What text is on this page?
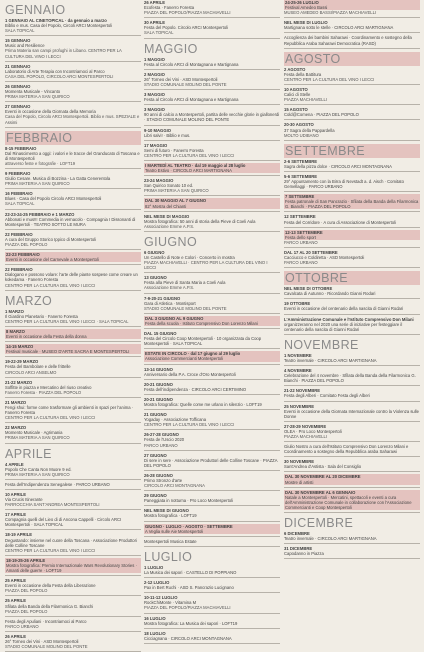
GENNAIO
1 GENNAIO AL CINETOPICAL · da gennaio a marzo
Biblio e mus. Casa del Popolo, Circoli ARCI Montespertoli
SALA TOPICAL
15 GENNAIO
Music and Resilience
Prima Materia san campi profughi in Libano. CENTRO PER LA CULTURA DEL VINO I LECCI
21 GENNAIO
Laboratorio di Arte Terapia con Incontriamoci al Parco
CASA DEL POPOLO, CIRCOLO ARCI MONTESPERTOLI
26 GENNAIO
Momenta Musicale - Vincanto
PRIMA MATERIA A SAN QUIRICO
27 GENNAIO
Eventi in occasione della Giornata della Memoria
Casa del Popolo, Circolo ARCI Montespertoli. Biblio e mus. SPEZIALE e Assimi
FEBBRAIO
8-15 FEBBRAIO
Dal Rinascimento a oggi: i valori e le tracce del Granducato di Toscana e di Montespertoli
attraverso feste e fotografie · LOFT19
9 FEBBRAIO
Giulio Cesare. Musica di Bozzina - La Gatta Cenerentola
PRIMA MATERIA A SAN QUIRICO
16 FEBBRAIO
Blues · Casa del Popolo Circolo ARCI Montespertoli
SALA TOPICAL
22-23-24-25 FEBBRAIO e 1 MARZO
Abbonati e mus!!! Commedia in vernacolo · Compagnia I Dissonanti di Montespertoli · TEATRO SOTTO LE MURA
22 FEBBRAIO
A cura del Gruppo Storico Ippico di Montespertoli
PIAZZA DEL POPOLO
22-23 FEBBRAIO
Eventi in occasione del Carnevale a Montespertoli
22 FEBBRAIO
Dialogano e possono volare: l'arte delle piante sospese come creare un kokedama · Fanerro Foresta
CENTRO PER LA CULTURA DEL VINO I LECCI
MARZO
1 MARZO
Il Giardino Planetario · Fanerro Foresta
CENTRO PER LA CULTURA DEL VINO I LECCI · SALA TOPICAL
8 MARZO
Eventi in occasione della Festa della donna
14-15 MARZO
Festival musicale · MUSEO D'ARTE SACRA E MONTESPERTOLI
19-22-29 MARZO
Festa del Bambolare e delle frittelle
CIRCOLO ARCI ANSELMO
21-22 MARZO
Soffitte in piazza e Mercatino del riuso creativo
Fanerro Foresta · PIAZZA DEL POPOLO
21 MARZO
Fengi shui: forme come trasformare gli ambienti in spazi per l'anima · Fanerro Foresta
CENTRO PER LA CULTURA DEL VINO I LECCI
22 MARZO
Momento Musicale · Agrimania
PRIMA MATERIA A SAN QUIRICO
APRILE
4 APRILE
Popolo Che Canta Non Muore 9 ed.
PRIMA MATERIA A SAN QUIRICO
Festa dell'Indipendenza Senegalese · PARCO URBANO
10 APRILE
Via Crucis Itinerante
PARROCCHIA SANT'ANDREA MONTESPERTOLI
17 APRILE
Compagnia quelli del Lieo di di Ancona Cappelli · Circolo ARCI Montespertoli · SALA TOPICAL
18-19 APRILE
Degustando: insieme nel cuore della Toscana · Associazione Produttori delle Colline Toscane
CENTRO PER LA CULTURA DEL VINO I LECCI
18-19-25-26 APRILE
Mostra fotografica: Premio Internazionale Wars Revolutionary Stories · Amanti delle guerre · LOFT19
25 APRILE
Eventi in occasione della Festa della Liberazione
PIAZZA DEL POPOLO
25 APRILE
Sfilata della Banda della Filarmonica G. Bianchi
PIAZZA DEL POPOLO
Festa degli Apuliani · Incontriamoci al Parco
PARCO URBANO
26 APRILE
26° Torneo dei Vini · ASD Montespertoli
STADIO COMUNALE MOLINO DEL PONTE
26 APRILE
Ecofesta · Fanerro Foresta
PIAZZA DEL POPOLO/PIAZZA MACHIAVELLI
30 APRILE
Festa del Popolo. Circolo ARCI Montespertoli
SALA TOPICAL
MAGGIO
1 MAGGIO
Festa al Circolo ARCI di Montagnana e Martignana
2 MAGGIO
26° Torneo dei Vini · ASD Montespertoli
STADIO COMUNALE MOLINO DEL PONTE
3 MAGGIO
Festa al Circolo ARCI di Montagnana e Martignana
3 MAGGIO
90 anni di calcio a Montespertoli, partita delle vecchie glorie in giallonerdi · STADIO COMUNALE MOLINO DEL PONTE
9-10 MAGGIO
Libri salvi! · Biblio e mus.
17 MAGGIO
Semi di futuro · Fanerro Foresta
CENTRO PER LA CULTURA DEL VINO I LECCI
I MARTEDÌ AL TEATRO · dal 19 maggio al 28 luglio
Teatro Estivo · CIRCOLO ARCI MARTIGNANA
23-24 MAGGIO
San Quirico Sonato 10 ed.
PRIMA MATERIA A SAN QUIRICO
DAL 30 MAGGIO AL 7 GIUGNO
82° Mostra del Chianti
NEL MESE DI MAGGIO
Mostra fotografica: 50 anni di storia della Pieve di Coeli Aula
Associazione Emme A.P.S.
GIUGNO
6 GIUGNO
Un Castello di Note e Colori · Concerto in mostra
PIAZZA MACHIAVELLI · CENTRO PER LA CULTURA DEL VINO I LECCI
13 GIUGNO
Festa alla Pieve di Santa Maria a Coeli Aula
Associazione Emme A.P.S.
7-9-20-21 GIUGNO
Gara di Atletica · Montisport
STADIO COMUNALE MOLINO DEL PONTE
DAL 3 GIUGNO AL 9 GIUGNO
Festa della scuola · Istituto Comprensivo Don Lorenzo Milani
DAL 15 GIUGNO
Festa del Circolo Coop Montespertoli · 10 organizzata da Coop Montespertoli · SALA TOPICAL
ESTATE IN CIRCOLO · dal 17 giugno al 29 luglio
Associazione Commercianti Montespertoli
13-14 GIUGNO
Anniversario della P.A. Croce d'Oro Montespertoli
20-21 GIUGNO
Festa dell'indipendenza · CIRCOLO ARCI CERTIMINO
20-21 GIUGNO
Mostra fotografica: Quelle come me urlano in silenzio · LOFT19
21 GIUGNO
Yogaday · Associazione Tofficana
CENTRO PER LA CULTURA DEL VINO I LECCI
26-27-28 GIUGNO
Festa de l'Uscio 2020
PARCO URBANO
27 GIUGNO
Di sere in sere · Associazione Produttori delle Colline Toscane · PIAZZA DEL POPOLO
26-28 GIUGNO
Primo Stronzo d'arte
CIRCOLO ARCI MONTAGNANA
29 GIUGNO
Paneggiata in notturna · Pro Loco Montespertoli
NEL MESE DI GIUGNO
Mostra fotografica · LOFT19
GIUGNO · LUGLIO · AGOSTO · SETTEMBRE
A Veglia sulle Aie Montespertoli
Montespertoli Musica Estate
LUGLIO
1 LUGLIO
La Musica dei sapori · CASTELLO DI POPPIANO
2-12 LUGLIO
Pax in Bert Ruchi · ASD S. Pancrazio Lucignano
10-11-12 LUGLIO
RockChiMonte · Vitamina M
PIAZZA DEL POPOLO/PIAZZA MACHIAVELLI
16 LUGLIO
Mostra fotografica: La Musica dei sapori · LOFT19
18 LUGLIO
Cicciagnana · CIRCOLO ARCI MONTAGNANA
24-25-26 LUGLIO
Festival Amedeo Bassi
MUSEO AMEDEO BASSI/PIAZZA MACHIAVELLI
NEL MESE DI LUGLIO
Martignana sotto le stelle · CIRCOLO ARCI MARTIGNANA
Accoglienza dei bambini Saharawi · Coordinamento e sostegno della Repubblica Araba Saharawi Democratica (RASD)
AGOSTO
2 AGOSTO
Festa della Battitura
CENTRO PER LA CULTURA DEL VINO I LECCI
10 AGOSTO
Calici di Stelle
PIAZZA MACHIAVELLI
15 AGOSTO
Cold@Comena · PIAZZA DEL POPOLO
20-30 AGOSTO
37 Sagra della Pappardella
MOLTO UDIBANO
SETTEMBRE
2-6 SETTEMBRE
Sagra della pizza dolce · CIRCOLO ARCI MONTAGNANA
5-6 SETTEMBRE
29° Appuntamento con la Birra di Nevstadt a. d. Aisch · Comitato Gemellaggi · PARCO URBANO
7 SETTEMBRE
Festa patronale di San Pancrazio · Sfilata della Banda della Filarmonica G. Bianchi · PIAZZA DEL POPOLO
12 SETTEMBRE
Festa del Corridore · A cura di Associazione di Montespertoli
12-13 SETTEMBRE
Festa dello sport
PARCO URBANO
DAL 17 AL 20 SETTEMBRE
Cacciucco e Coldiretta · ASD Montespertoli
PARCO URBANO
OTTOBRE
NEL MESE DI OTTOBRE
Cavalcata di Autunno · Ricordando Gianni Rodari
19 OTTOBRE
Eventi in occasione del centenario della nascita di Gianni Rodari
L'Amministrazione Comunale e l'Istituto Comprensivo Don Milani
organizzeranno nel 2020 una serie di iniziative per festeggiare il centenario della nascita di Gianni Rodari
NOVEMBRE
1 NOVEMBRE
Teatro invernale · CIRCOLO ARCI MARTIGNANA
4 NOVEMBRE
Celebrazione del 4 novembre · Sfilata della Banda della Filarmonica G. Bianchi · PIAZZA DEL POPOLO
21-22 NOVEMBRE
Festa degli Alberi · Comitato Festa degli Alberi
25 NOVEMBRE
Eventi in occasione della Giornata Internazionale contro la Violenza sulle Donne
27-28-29 NOVEMBRE
OLEA · Pro Loco Montespertoli
PIAZZA MACHIAVELLI
Giulio Nostro a cura dell'Istituto Comprensivo Don Lorenzo Milani e Coordinamento a sostegno della Repubblica araba Saharawi
30 NOVEMBRE
Sant'Andrea d'Astista · Sala del Consiglio
DAL 30 NOVEMBRE AL 20 DICEMBRE
Mostre di artisti
DAL 30 NOVEMBRE AL 6 GENNAIO
Natale a Montespertoli · Mercatini, spettacoli e eventi a cura dell'Amministrazione Comunale in collaborazione con l'Associazione Commercianti e Coop Montespertoli
DICEMBRE
6 DICEMBRE
Teatro invernale · CIRCOLO ARCI MARTIGNANA
31 DICEMBRE
Capodanno in Piazza
